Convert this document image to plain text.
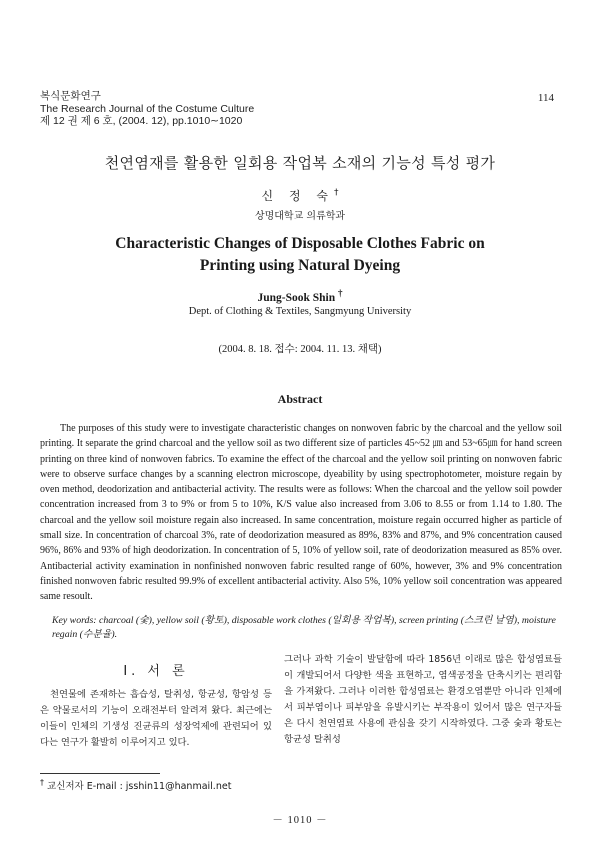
복식문화연구
The Research Journal of the Costume Culture
제 12 권 제 6 호, (2004. 12), pp.1010∼1020
114
천연염재를 활용한 일회용 작업복 소재의 기능성 특성 평가
신 정 숙†
상명대학교 의류학과
Characteristic Changes of Disposable Clothes Fabric on
Printing using Natural Dyeing
Jung-Sook Shin †
Dept. of Clothing & Textiles, Sangmyung University
(2004. 8. 18. 접수: 2004. 11. 13. 채택)
Abstract
The purposes of this study were to investigate characteristic changes on nonwoven fabric by the charcoal and the yellow soil printing. It separate the grind charcoal and the yellow soil as two different size of particles 45~52 ㎛ and 53~65㎛ for hand screen printing on three kind of nonwoven fabrics. To examine the effect of the charcoal and the yellow soil printing on nonwoven fabric were to observe surface changes by a scanning electron microscope, dyeability by using spectrophotometer, moisture regain by oven method, deodorization and antibacterial activity. The results were as follows: When the charcoal and the yellow soil powder concentration increased from 3 to 9% or from 5 to 10%, K/S value also increased from 3.06 to 8.55 or from 1.14 to 1.80. The charcoal and the yellow soil moisture regain also increased. In same concentration, moisture regain occurred higher as particle of small size. In concentration of charcoal 3%, rate of deodorization measured as 89%, 83% and 87%, and 9% concentration caused 96%, 86% and 93% of high deodorization. In concentration of 5, 10% of yellow soil, rate of deodorization measured as 85% over. Antibacterial activity examination in nonfinished nonwoven fabric resulted range of 60%, however, 3% and 9% concentration finished nonwoven fabric resulted 99.9% of excellent antibacterial activity. Also 5%, 10% yellow soil concentration was appeared same resoult.
Key words: charcoal (숯), yellow soil (황토), disposable work clothes (일회용 작업복), screen printing (스크린 날염), moisture regain (수분율).
Ⅰ. 서 론
천연물에 존재하는 흡습성, 탈취성, 항균성, 항암성 등은 약물로서의 기능이 오래전부터 알려져 왔다. 최근에는 이들이 인체의 기생성 진균류의 성장억제에 관련되어 있다는 연구가 활발히 이루어지고 있다.
그러나 과학 기술이 발달함에 따라 1856년 이래로 많은 합성염료들이 개발되어서 다양한 색을 표현하고, 염색공정을 단축시키는 편리함을 가져왔다. 그러나 이러한 합성염료는 환경오염뿐만 아니라 인체에서 피부염이나 피부암을 유발시키는 부작용이 있어서 많은 연구자들은 다시 천연염료 사용에 관심을 갖기 시작하였다. 그중 숯과 황토는 항균성 탈취성
† 교신저자 E-mail : jsshin11@hanmail.net
－ 1010 －
